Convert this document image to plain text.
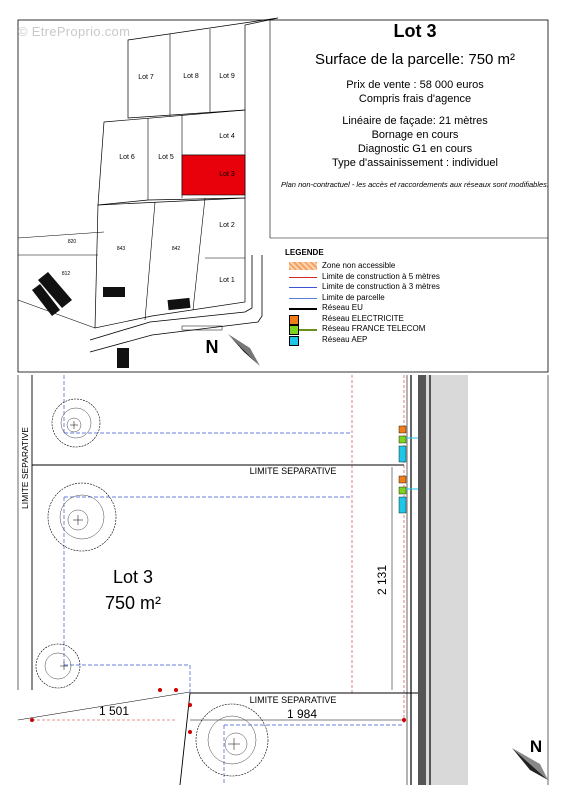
Lot 7	Lot 8	Lot 9
Lot 6	Lot 5
Lot 4
Lot 3
Lot 2
Lot 1
820
843	842
812
N
Lot 3
750 m²
LIMITE SEPARATIVE
LIMITE SEPARATIVE
LIMITE SEPARATIVE
2 131
1 501	1 984
N
© EtreProprio.com	Lot 3
Surface de la parcelle: 750 m²
Prix de vente : 58 000 euros
Compris frais d'agence
Linéaire de façade: 21 mètres
Bornage en cours
Diagnostic G1 en cours
Type d'assainissement : individuel
Plan non-contractuel - les accès et raccordements aux réseaux sont modifiables.
LEGENDE
Zone non accessible
Limite de construction à 5 mètres
Limite de construction à 3 mètres
Limite de parcelle
Réseau EU
Réseau ELECTRICITE
Réseau FRANCE TELECOM
Réseau AEP
